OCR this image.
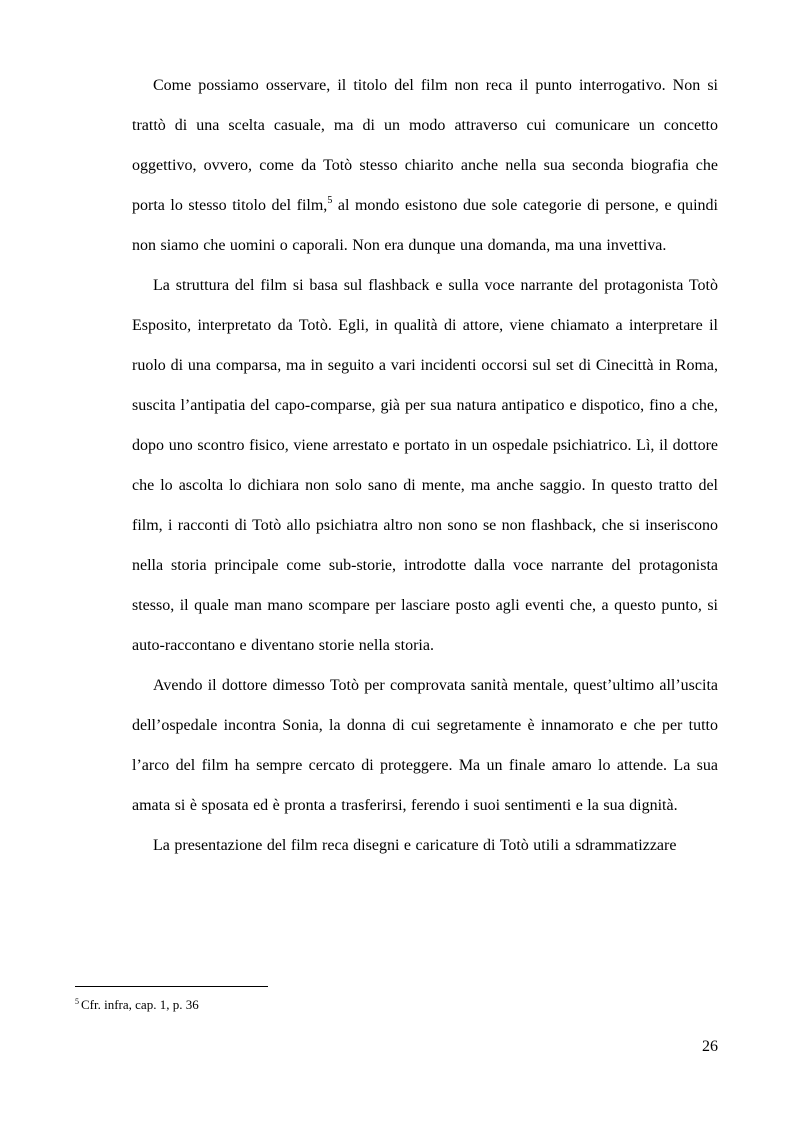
Come possiamo osservare, il titolo del film non reca il punto interrogativo. Non si trattò di una scelta casuale, ma di un modo attraverso cui comunicare un concetto oggettivo, ovvero, come da Totò stesso chiarito anche nella sua seconda biografia che porta lo stesso titolo del film,$^5$ al mondo esistono due sole categorie di persone, e quindi non siamo che uomini o caporali. Non era dunque una domanda, ma una invettiva.

La struttura del film si basa sul flashback e sulla voce narrante del protagonista Totò Esposito, interpretato da Totò. Egli, in qualità di attore, viene chiamato a interpretare il ruolo di una comparsa, ma in seguito a vari incidenti occorsi sul set di Cinecittà in Roma, suscita l’antipatia del capo-comparse, già per sua natura antipatico e dispotico, fino a che, dopo uno scontro fisico, viene arrestato e portato in un ospedale psichiatrico. Lì, il dottore che lo ascolta lo dichiara non solo sano di mente, ma anche saggio. In questo tratto del film, i racconti di Totò allo psichiatra altro non sono se non flashback, che si inseriscono nella storia principale come sub-storie, introdotte dalla voce narrante del protagonista stesso, il quale man mano scompare per lasciare posto agli eventi che, a questo punto, si auto-raccontano e diventano storie nella storia.

Avendo il dottore dimesso Totò per comprovata sanità mentale, quest’ultimo all’uscita dell’ospedale incontra Sonia, la donna di cui segretamente è innamorato e che per tutto l’arco del film ha sempre cercato di proteggere. Ma un finale amaro lo attende. La sua amata si è sposata ed è pronta a trasferirsi, ferendo i suoi sentimenti e la sua dignità.

La presentazione del film reca disegni e caricature di Totò utili a sdrammatizzare

$^5$ Cfr. infra, cap. 1, p. 36
26
